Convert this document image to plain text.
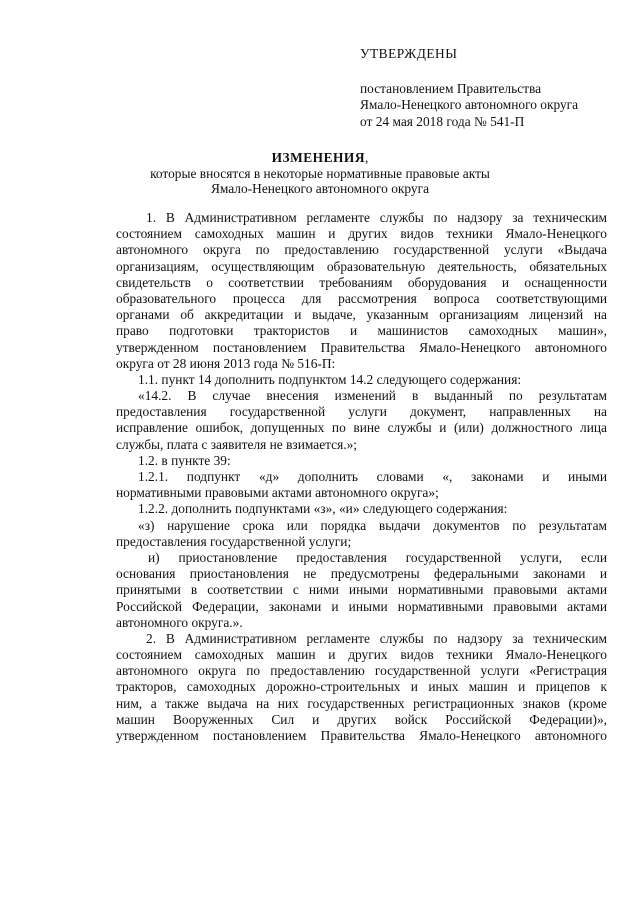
УТВЕРЖДЕНЫ
постановлением Правительства
Ямало-Ненецкого автономного округа
от 24 мая 2018 года № 541-П
ИЗМЕНЕНИЯ,
которые вносятся в некоторые нормативные правовые акты
Ямало-Ненецкого автономного округа
1. В Административном регламенте службы по надзору за техническим
состоянием самоходных машин и других видов техники Ямало-Ненецкого
автономного округа по предоставлению государственной услуги «Выдача
организациям, осуществляющим образовательную деятельность, обязательных
свидетельств о соответствии требованиям оборудования и оснащенности
образовательного процесса для рассмотрения вопроса соответствующими
органами об аккредитации и выдаче, указанным организациям лицензий на
право подготовки трактористов и машинистов самоходных машин»,
утвержденном постановлением Правительства Ямало-Ненецкого автономного
округа от 28 июня 2013 года № 516-П:
1.1. пункт 14 дополнить подпунктом 14.2 следующего содержания:
«14.2. В случае внесения изменений в выданный по результатам
предоставления государственной услуги документ, направленных на
исправление ошибок, допущенных по вине службы и (или) должностного лица
службы, плата с заявителя не взимается.»;
1.2. в пункте 39:
1.2.1. подпункт «д» дополнить словами «, законами и иными
нормативными правовыми актами автономного округа»;
1.2.2. дополнить подпунктами «з», «и» следующего содержания:
«з) нарушение срока или порядка выдачи документов по результатам
предоставления государственной услуги;
и) приостановление предоставления государственной услуги, если
основания приостановления не предусмотрены федеральными законами и
принятыми в соответствии с ними иными нормативными правовыми актами
Российской Федерации, законами и иными нормативными правовыми актами
автономного округа.».
2. В Административном регламенте службы по надзору за техническим
состоянием самоходных машин и других видов техники Ямало-Ненецкого
автономного округа по предоставлению государственной услуги «Регистрация
тракторов, самоходных дорожно-строительных и иных машин и прицепов к
ним, а также выдача на них государственных регистрационных знаков (кроме
машин Вооруженных Сил и других войск Российской Федерации)»,
утвержденном постановлением Правительства Ямало-Ненецкого автономного
